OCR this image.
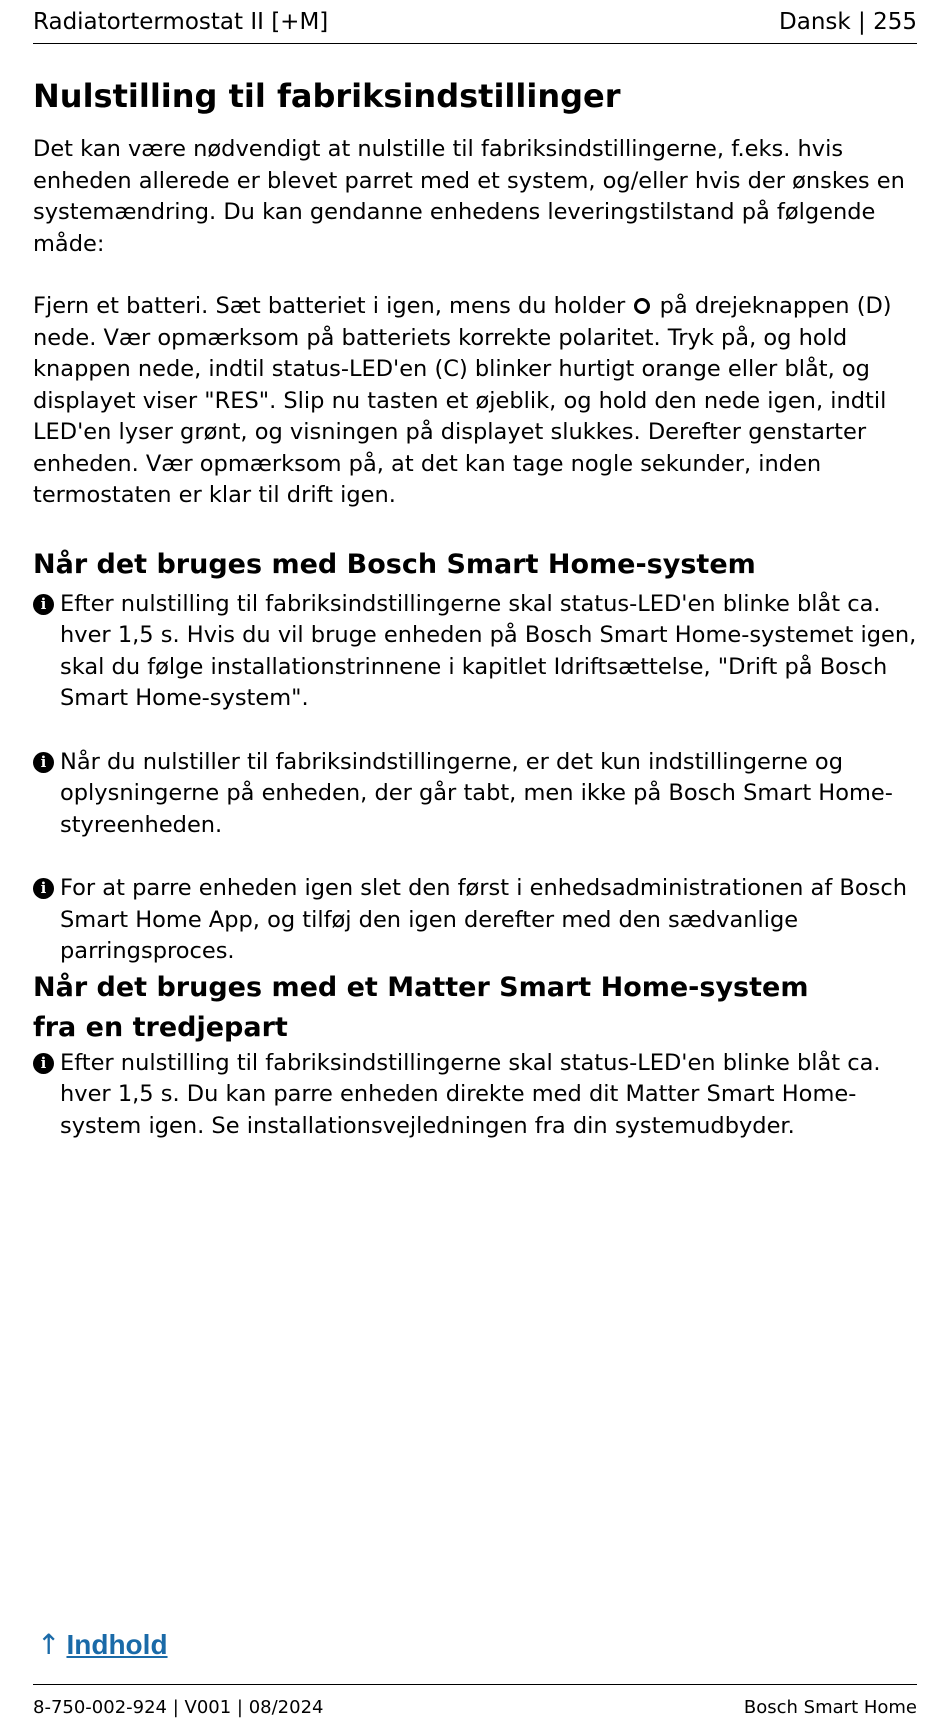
Radiatortermostat II [+M]	Dansk | 255
Nulstilling til fabriksindstillinger

Det kan være nødvendigt at nulstille til fabriksindstillingerne, f.eks. hvis enheden allerede er blevet parret med et system, og/eller hvis der ønskes en systemændring. Du kan gendanne enhedens leveringstilstand på følgende måde:

Fjern et batteri. Sæt batteriet i igen, mens du holder  på drejeknappen (D) nede. Vær opmærksom på batteriets korrekte polaritet. Tryk på, og hold knappen nede, indtil status-LED'en (C) blinker hurtigt orange eller blåt, og displayet viser "RES". Slip nu tasten et øjeblik, og hold den nede igen, indtil LED'en lyser grønt, og visningen på displayet slukkes. Derefter genstarter enheden. Vær opmærksom på, at det kan tage nogle sekunder, inden termostaten er klar til drift igen.

Når det bruges med Bosch Smart Home-system
i Efter nulstilling til fabriksindstillingerne skal status-LED'en blinke blåt ca. hver 1,5 s. Hvis du vil bruge enheden på Bosch Smart Home-systemet igen, skal du følge installationstrinnene i kapitlet Idriftsættelse, "Drift på Bosch Smart Home-system".
i Når du nulstiller til fabriksindstillingerne, er det kun indstillingerne og oplysningerne på enheden, der går tabt, men ikke på Bosch Smart Home-styreenheden.
i For at parre enheden igen slet den først i enhedsadministrationen af Bosch Smart Home App, og tilføj den igen derefter med den sædvanlige parringsproces.
Når det bruges med et Matter Smart Home-system
fra en tredjepart
i Efter nulstilling til fabriksindstillingerne skal status-LED'en blinke blåt ca. hver 1,5 s. Du kan parre enheden direkte med dit Matter Smart Home-system igen. Se installationsvejledningen fra din systemudbyder.
↑ Indhold
8-750-002-924 | V001 | 08/2024	Bosch Smart Home
